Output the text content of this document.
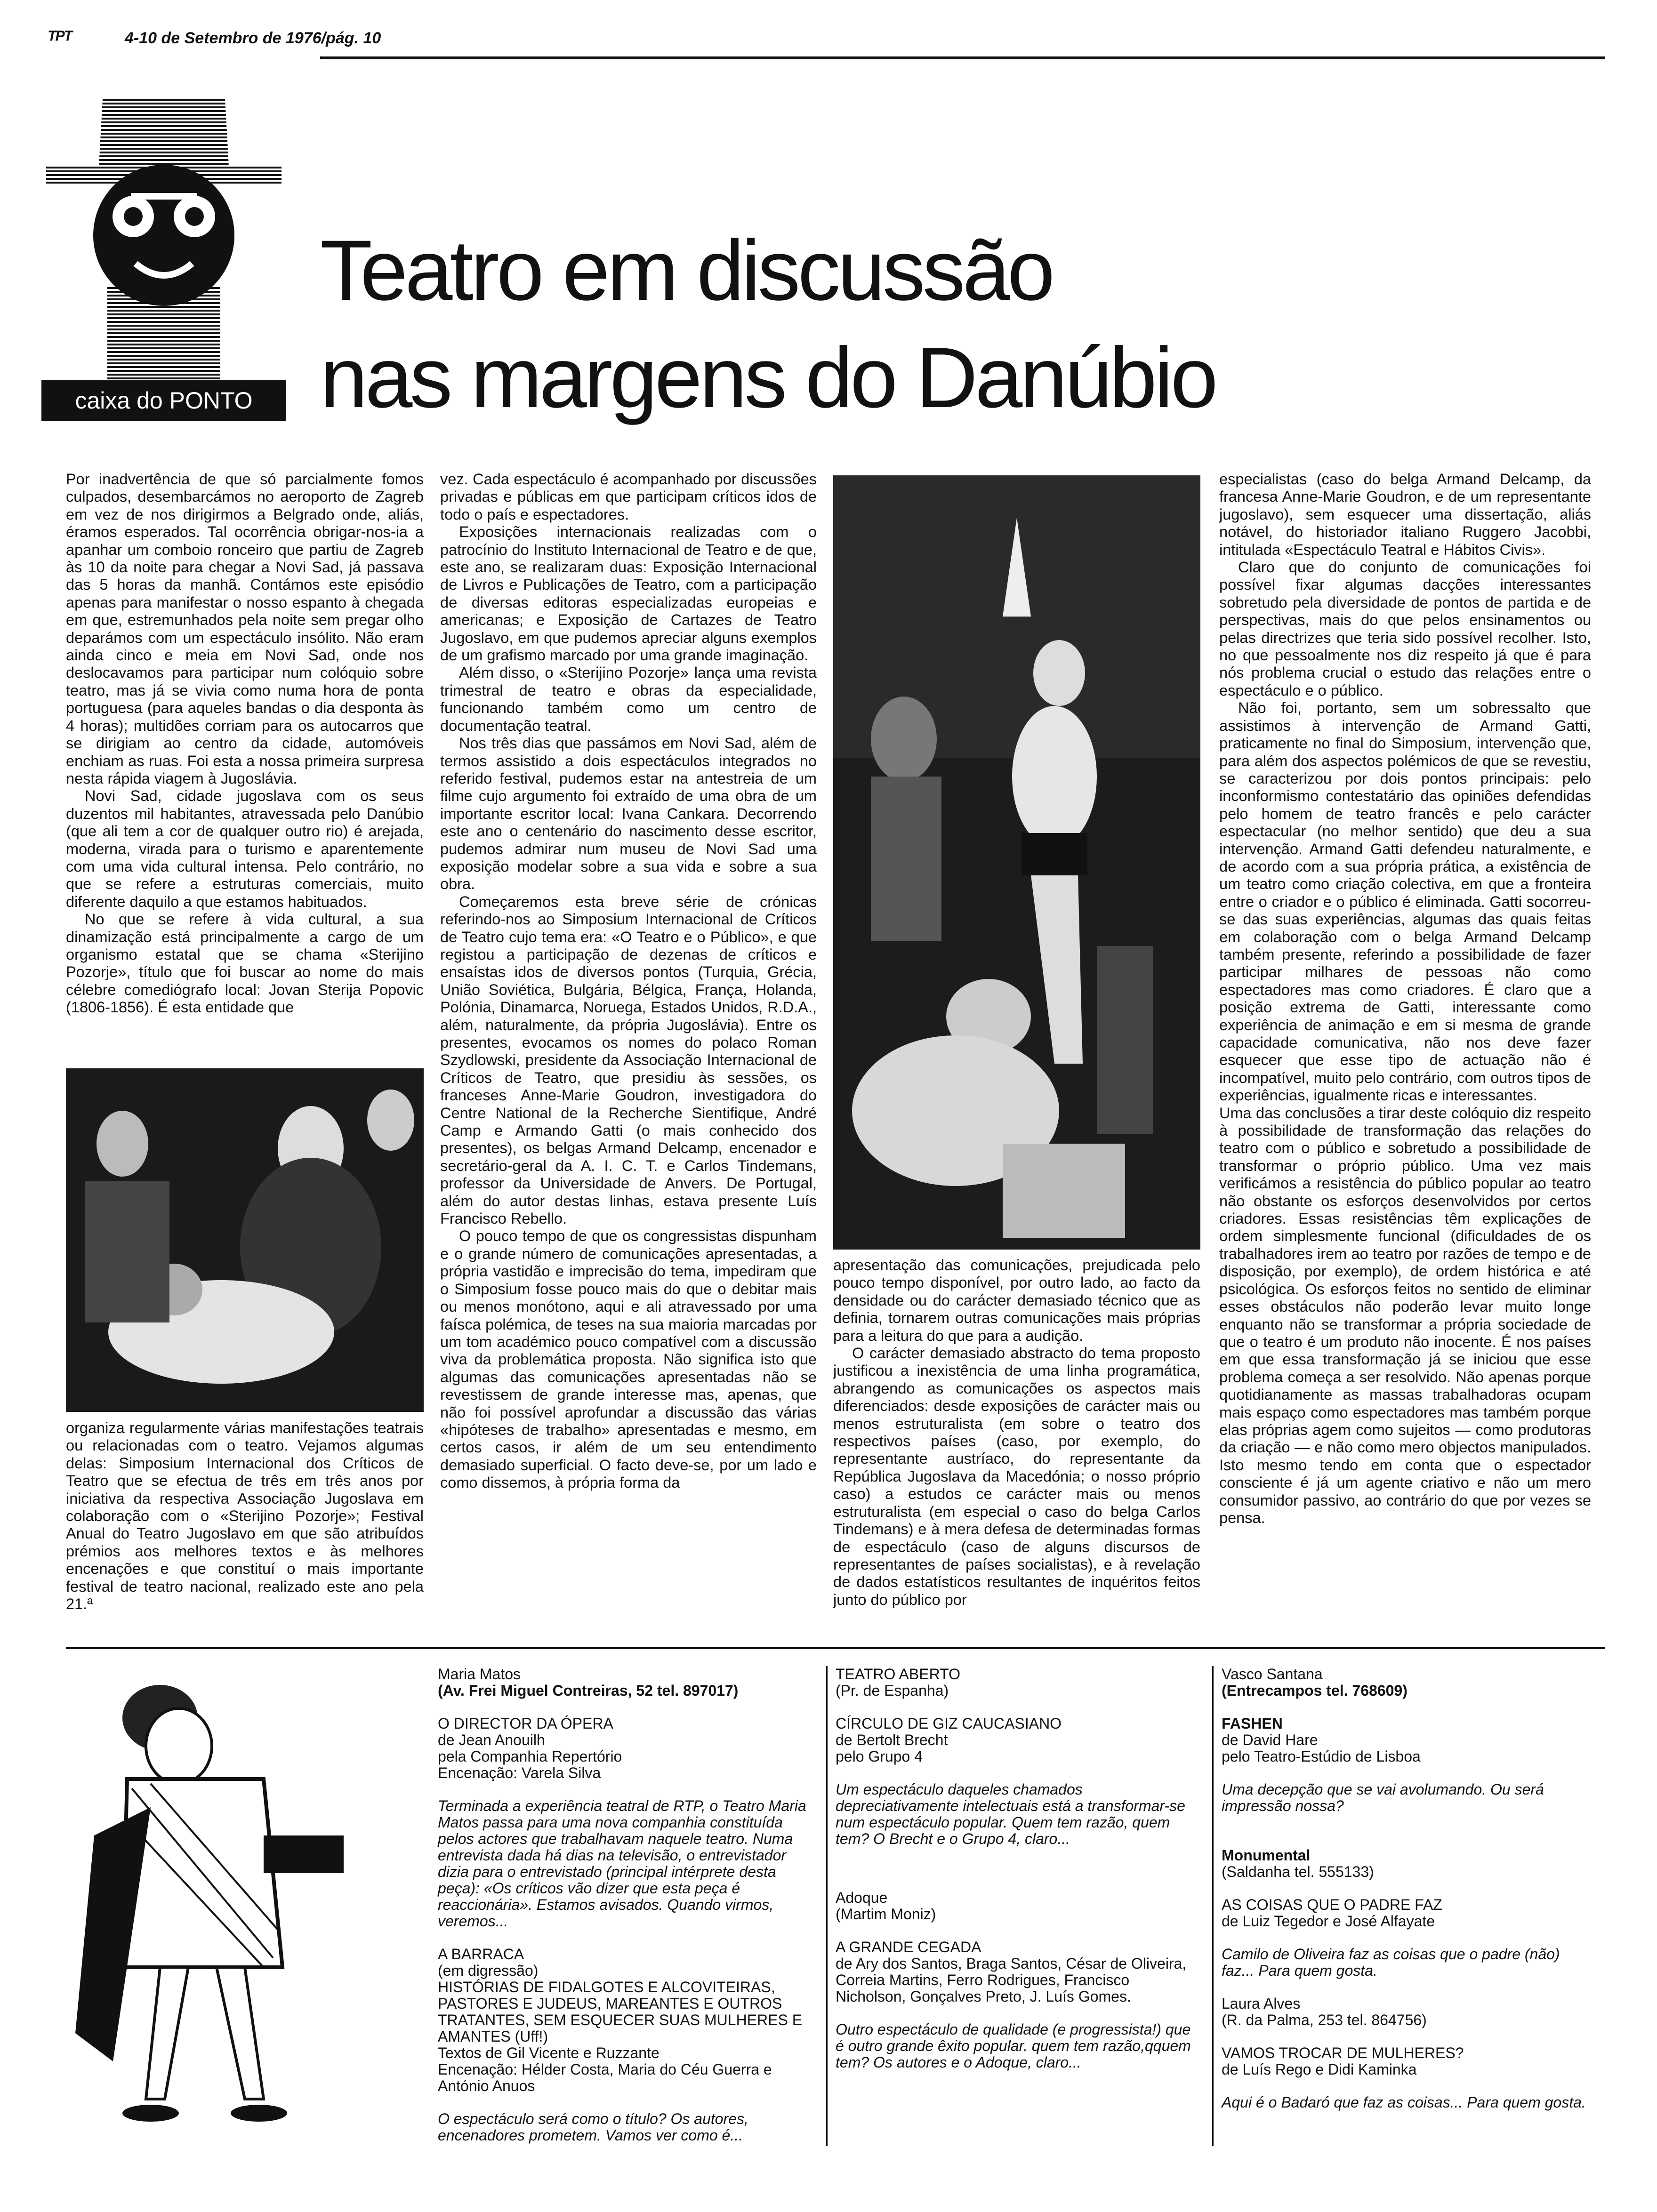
ᵀᴾᵀ	4-10 de Setembro de 1976/pág. 10
caixa do PONTO
Teatro em discussão
nas margens do Danúbio

Por inadvertência de que só parcialmente fomos culpados, desembarcámos no aeroporto de Zagreb em vez de nos dirigirmos a Belgrado onde, aliás, éramos esperados. Tal ocorrência obrigar-nos-ia a apanhar um comboio ronceiro que partiu de Zagreb às 10 da noite para chegar a Novi Sad, já passava das 5 horas da manhã. Contámos este episódio apenas para manifestar o nosso espanto à chegada em que, estremunhados pela noite sem pregar olho deparámos com um espectáculo insólito. Não eram ainda cinco e meia em Novi Sad, onde nos deslocavamos para participar num colóquio sobre teatro, mas já se vivia como numa hora de ponta portuguesa (para aqueles bandas o dia desponta às 4 horas); multidões corriam para os autocarros que se dirigiam ao centro da cidade, automóveis enchiam as ruas. Foi esta a nossa primeira surpresa nesta rápida viagem à Jugoslávia.

Novi Sad, cidade jugoslava com os seus duzentos mil habitantes, atravessada pelo Danúbio (que ali tem a cor de qualquer outro rio) é arejada, moderna, virada para o turismo e aparentemente com uma vida cultural intensa. Pelo contrário, no que se refere a estruturas comerciais, muito diferente daquilo a que estamos habituados.

No que se refere à vida cultural, a sua dinamização está principalmente a cargo de um organismo estatal que se chama «Sterijino Pozorje», título que foi buscar ao nome do mais célebre comediógrafo local: Jovan Sterija Popovic (1806-1856). É esta entidade que

organiza regularmente várias manifestações teatrais ou relacionadas com o teatro. Vejamos algumas delas: Simposium Internacional dos Críticos de Teatro que se efectua de três em três anos por iniciativa da respectiva Associação Jugoslava em colaboração com o «Sterijino Pozorje»; Festival Anual do Teatro Jugoslavo em que são atribuídos prémios aos melhores textos e às melhores encenações e que constituí o mais importante festival de teatro nacional, realizado este ano pela 21.ª

vez. Cada espectáculo é acompanhado por discussões privadas e públicas em que participam críticos idos de todo o país e espectadores.

Exposições internacionais realizadas com o patrocínio do Instituto Internacional de Teatro e de que, este ano, se realizaram duas: Exposição Internacional de Livros e Publicações de Teatro, com a participação de diversas editoras especializadas europeias e americanas; e Exposição de Cartazes de Teatro Jugoslavo, em que pudemos apreciar alguns exemplos de um grafismo marcado por uma grande imaginação.

Além disso, o «Sterijino Pozorje» lança uma revista trimestral de teatro e obras da especialidade, funcionando também como um centro de documentação teatral.

Nos três dias que passámos em Novi Sad, além de termos assistido a dois espectáculos integrados no referido festival, pudemos estar na antestreia de um filme cujo argumento foi extraído de uma obra de um importante escritor local: Ivana Cankara. Decorrendo este ano o centenário do nascimento desse escritor, pudemos admirar num museu de Novi Sad uma exposição modelar sobre a sua vida e sobre a sua obra.

Começaremos esta breve série de crónicas referindo-nos ao Simposium Internacional de Críticos de Teatro cujo tema era: «O Teatro e o Público», e que registou a participação de dezenas de críticos e ensaístas idos de diversos pontos (Turquia, Grécia, União Soviética, Bulgária, Bélgica, França, Holanda, Polónia, Dinamarca, Noruega, Estados Unidos, R.D.A., além, naturalmente, da própria Jugoslávia). Entre os presentes, evocamos os nomes do polaco Roman Szydlowski, presidente da Associação Internacional de Críticos de Teatro, que presidiu às sessões, os franceses Anne-Marie Goudron, investigadora do Centre National de la Recherche Sientifique, André Camp e Armando Gatti (o mais conhecido dos presentes), os belgas Armand Delcamp, encenador e secretário-geral da A. I. C. T. e Carlos Tindemans, professor da Universidade de Anvers. De Portugal, além do autor destas linhas, estava presente Luís Francisco Rebello.

O pouco tempo de que os congressistas dispunham e o grande número de comunicações apresentadas, a própria vastidão e imprecisão do tema, impediram que o Simposium fosse pouco mais do que o debitar mais ou menos monótono, aqui e ali atravessado por uma faísca polémica, de teses na sua maioria marcadas por um tom académico pouco compatível com a discussão viva da problemática proposta. Não significa isto que algumas das comunicações apresentadas não se revestissem de grande interesse mas, apenas, que não foi possível aprofundar a discussão das várias «hipóteses de trabalho» apresentadas e mesmo, em certos casos, ir além de um seu entendimento demasiado superficial. O facto deve-se, por um lado e como dissemos, à própria forma da

apresentação das comunicações, prejudicada pelo pouco tempo disponível, por outro lado, ao facto da densidade ou do carácter demasiado técnico que as definia, tornarem outras comunicações mais próprias para a leitura do que para a audição.

O carácter demasiado abstracto do tema proposto justificou a inexistência de uma linha programática, abrangendo as comunicações os aspectos mais diferenciados: desde exposições de carácter mais ou menos estruturalista (em sobre o teatro dos respectivos países (caso, por exemplo, do representante austríaco, do representante da República Jugoslava da Macedónia; o nosso próprio caso) a estudos ce carácter mais ou menos estruturalista (em especial o caso do belga Carlos Tindemans) e à mera defesa de determinadas formas de espectáculo (caso de alguns discursos de representantes de países socialistas), e à revelação de dados estatísticos resultantes de inquéritos feitos junto do público por

especialistas (caso do belga Armand Delcamp, da francesa Anne-Marie Goudron, e de um representante jugoslavo), sem esquecer uma dissertação, aliás notável, do historiador italiano Ruggero Jacobbi, intitulada «Espectáculo Teatral e Hábitos Civis».

Claro que do conjunto de comunicações foi possível fixar algumas dacções interessantes sobretudo pela diversidade de pontos de partida e de perspectivas, mais do que pelos ensinamentos ou pelas directrizes que teria sido possível recolher. Isto, no que pessoalmente nos diz respeito já que é para nós problema crucial o estudo das relações entre o espectáculo e o público.

Não foi, portanto, sem um sobressalto que assistimos à intervenção de Armand Gatti, praticamente no final do Simposium, intervenção que, para além dos aspectos polémicos de que se revestiu, se caracterizou por dois pontos principais: pelo inconformismo contestatário das opiniões defendidas pelo homem de teatro francês e pelo carácter espectacular (no melhor sentido) que deu a sua intervenção. Armand Gatti defendeu naturalmente, e de acordo com a sua própria prática, a existência de um teatro como criação colectiva, em que a fronteira entre o criador e o público é eliminada. Gatti socorreu-se das suas experiências, algumas das quais feitas em colaboração com o belga Armand Delcamp também presente, referindo a possibilidade de fazer participar milhares de pessoas não como espectadores mas como criadores. É claro que a posição extrema de Gatti, interessante como experiência de animação e em si mesma de grande capacidade comunicativa, não nos deve fazer esquecer que esse tipo de actuação não é incompatível, muito pelo contrário, com outros tipos de experiências, igualmente ricas e interessantes.

Uma das conclusões a tirar deste colóquio diz respeito à possibilidade de transformação das relações do teatro com o público e sobretudo a possibilidade de transformar o próprio público. Uma vez mais verificámos a resistência do público popular ao teatro não obstante os esforços desenvolvidos por certos criadores. Essas resistências têm explicações de ordem simplesmente funcional (dificuldades de os trabalhadores irem ao teatro por razões de tempo e de disposição, por exemplo), de ordem histórica e até psicológica. Os esforços feitos no sentido de eliminar esses obstáculos não poderão levar muito longe enquanto não se transformar a própria sociedade de que o teatro é um produto não inocente. É nos países em que essa transformação já se iniciou que esse problema começa a ser resolvido. Não apenas porque quotidianamente as massas trabalhadoras ocupam mais espaço como espectadores mas também porque elas próprias agem como sujeitos — como produtoras da criação — e não como mero objectos manipulados. Isto mesmo tendo em conta que o espectador consciente é já um agente criativo e não um mero consumidor passivo, ao contrário do que por vezes se pensa.

Maria Matos
(Av. Frei Miguel Contreiras, 52 tel. 897017)
O DIRECTOR DA ÓPERA
de Jean Anouilh
pela Companhia Repertório
Encenação: Varela Silva
Terminada a experiência teatral de RTP, o Teatro Maria Matos passa para uma nova companhia constituída pelos actores que trabalhavam naquele teatro. Numa entrevista dada há dias na televisão, o entrevistador dizia para o entrevistado (principal intérprete desta peça): «Os críticos vão dizer que esta peça é reaccionária». Estamos avisados. Quando virmos, veremos...
A BARRACA
(em digressão)
HISTÓRIAS DE FIDALGOTES E ALCOVITEIRAS, PASTORES E JUDEUS, MAREANTES E OUTROS TRATANTES, SEM ESQUECER SUAS MULHERES E AMANTES (Uff!)
Textos de Gil Vicente e Ruzzante
Encenação: Hélder Costa, Maria do Céu Guerra e António Anuos
O espectáculo será como o título? Os autores, encenadores prometem. Vamos ver como é...
TEATRO ABERTO
(Pr. de Espanha)
CÍRCULO DE GIZ CAUCASIANO
de Bertolt Brecht
pelo Grupo 4
Um espectáculo daqueles chamados depreciativamente intelectuais está a transformar-se num espectáculo popular. Quem tem razão, quem tem? O Brecht e o Grupo 4, claro...
Adoque
(Martim Moniz)
A GRANDE CEGADA
de Ary dos Santos, Braga Santos, César de Oliveira, Correia Martins, Ferro Rodrigues, Francisco Nicholson, Gonçalves Preto, J. Luís Gomes.
Outro espectáculo de qualidade (e progressista!) que é outro grande êxito popular. quem tem razão,qquem tem? Os autores e o Adoque, claro...
Vasco Santana
(Entrecampos tel. 768609)
FASHEN
de David Hare
pelo Teatro-Estúdio de Lisboa
Uma decepção que se vai avolumando. Ou será impressão nossa?
Monumental
(Saldanha tel. 555133)
AS COISAS QUE O PADRE FAZ
de Luiz Tegedor e José Alfayate
Camilo de Oliveira faz as coisas que o padre (não) faz... Para quem gosta.
Laura Alves
(R. da Palma, 253 tel. 864756)
VAMOS TROCAR DE MULHERES?
de Luís Rego e Didi Kaminka
Aqui é o Badaró que faz as coisas... Para quem gosta.
